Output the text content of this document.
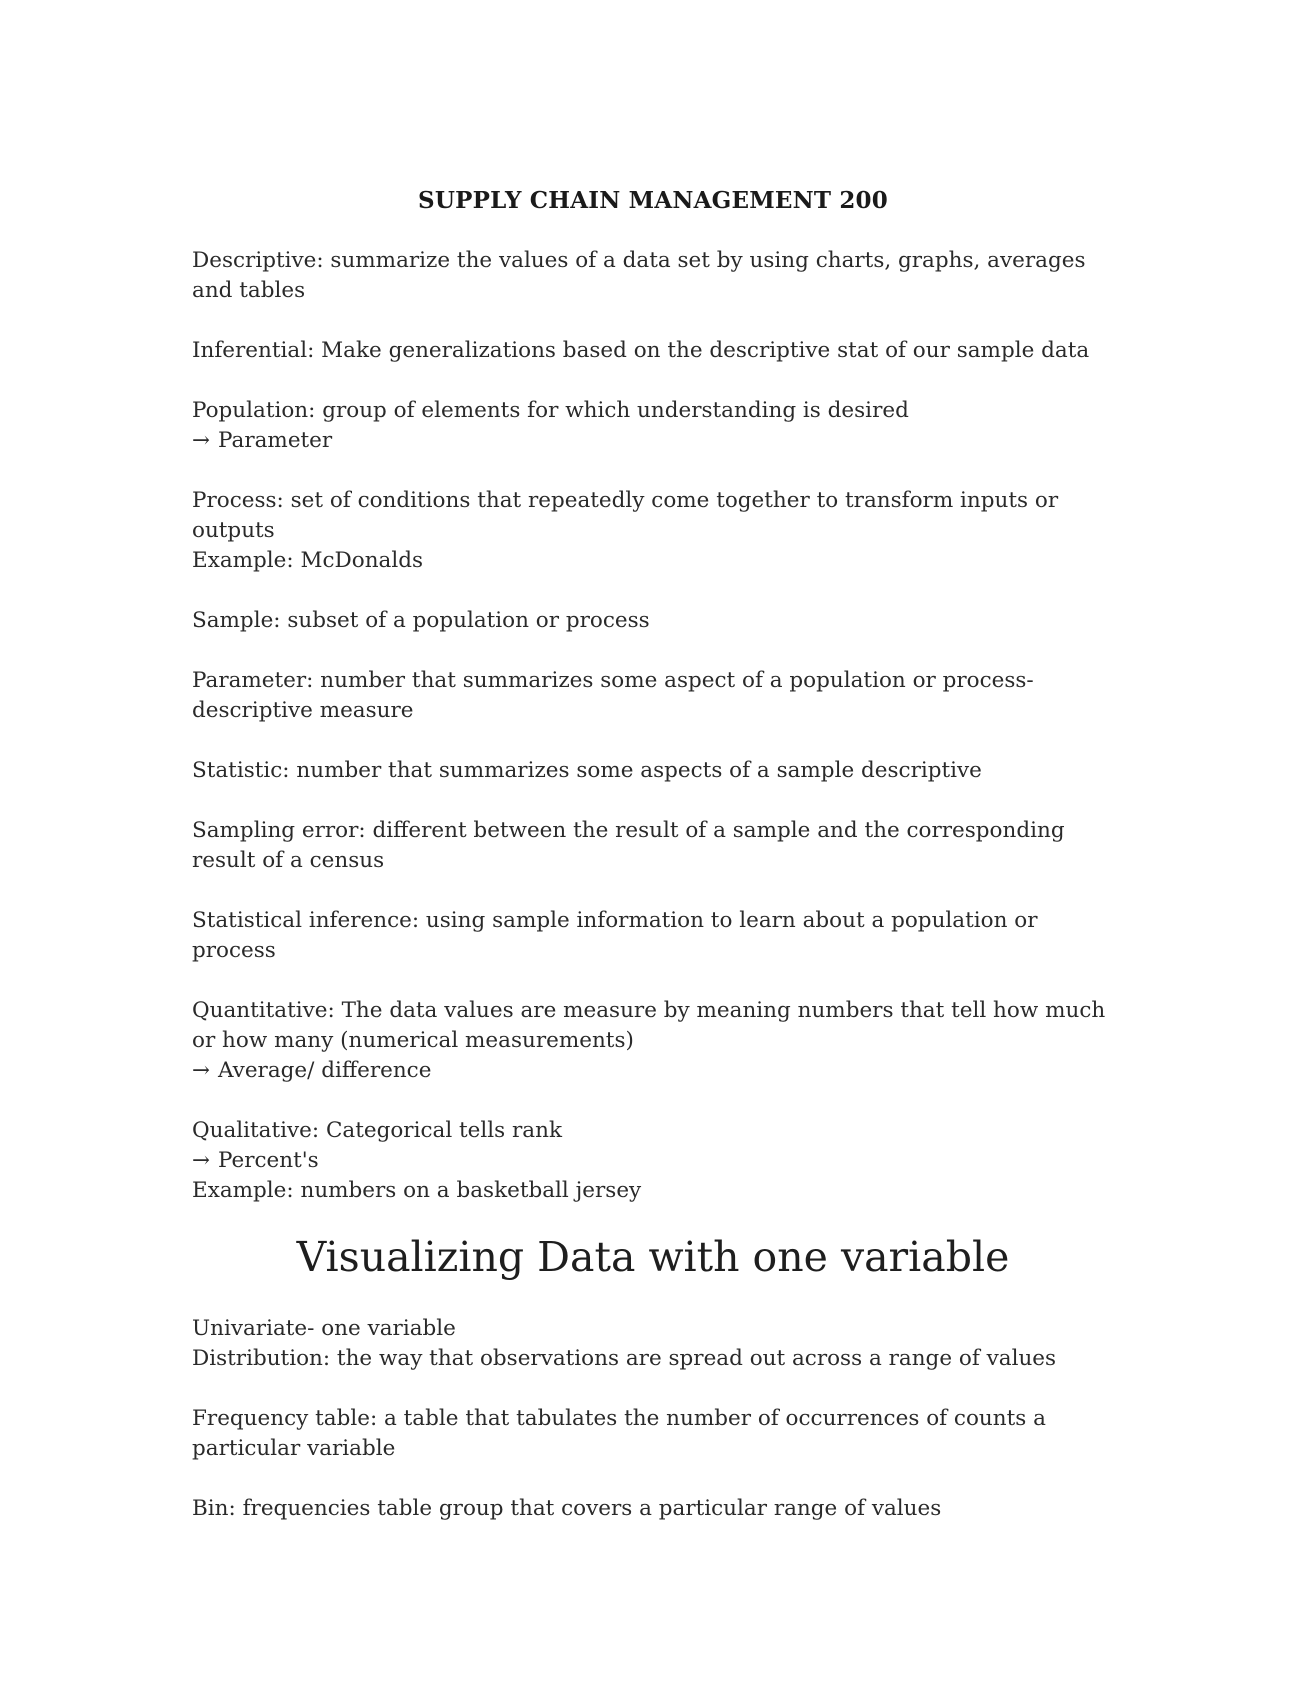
SUPPLY CHAIN MANAGEMENT 200
Descriptive: summarize the values of a data set by using charts, graphs, averages
and tables
Inferential: Make generalizations based on the descriptive stat of our sample data
Population: group of elements for which understanding is desired
→ Parameter
Process: set of conditions that repeatedly come together to transform inputs or
outputs
Example: McDonalds
Sample: subset of a population or process
Parameter: number that summarizes some aspect of a population or process-
descriptive measure
Statistic: number that summarizes some aspects of a sample descriptive
Sampling error: different between the result of a sample and the corresponding
result of a census
Statistical inference: using sample information to learn about a population or
process
Quantitative: The data values are measure by meaning numbers that tell how much
or how many (numerical measurements)
→ Average/ difference
Qualitative: Categorical tells rank
→ Percent's
Example: numbers on a basketball jersey
Visualizing Data with one variable
Univariate- one variable
Distribution: the way that observations are spread out across a range of values
Frequency table: a table that tabulates the number of occurrences of counts a
particular variable
Bin: frequencies table group that covers a particular range of values
